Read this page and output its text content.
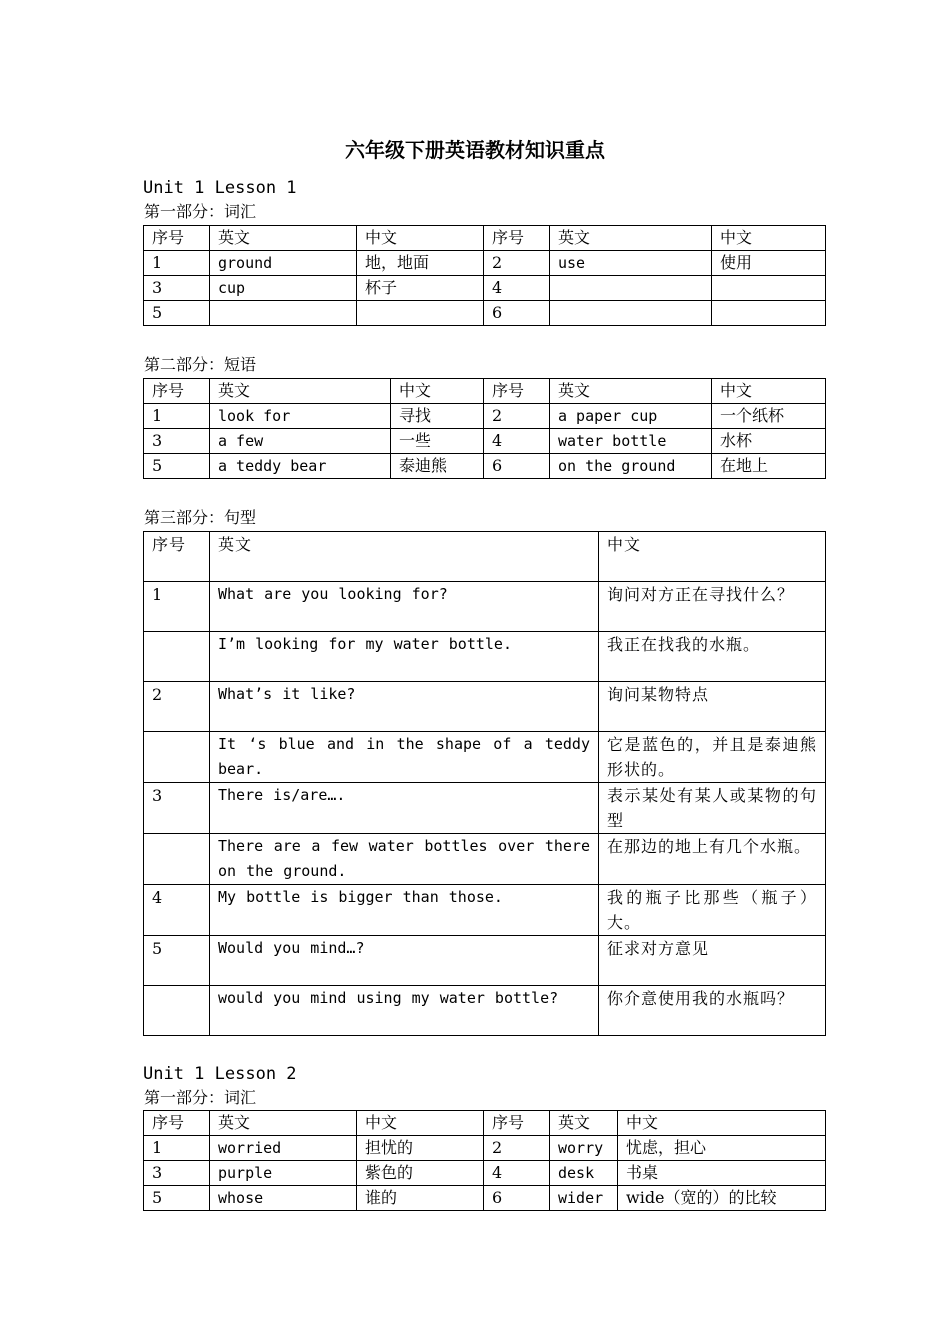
六年级下册英语教材知识重点
Unit 1 Lesson 1
第一部分：词汇
序号	英文	中文	序号	英文	中文
1	ground	地，地面	2	use	使用
3	cup	杯子	4		
5			6		
第二部分：短语
序号	英文	中文	序号	英文	中文
1	look for	寻找	2	a paper cup	一个纸杯
3	a few	一些	4	water bottle	水杯
5	a teddy bear	泰迪熊	6	on the ground	在地上
第三部分：句型
序号	英文	中文
1	What are you looking for?	询问对方正在寻找什么？
	I’m looking for my water bottle.	我正在找我的水瓶。
2	What’s it like?	询问某物特点
	It ‘s blue and in the shape of a teddy bear.	它是蓝色的，并且是泰迪熊形状的。
3	There is/are….	表示某处有某人或某物的句型
	There are a few water bottles over there on the ground.	在那边的地上有几个水瓶。
4	My bottle is bigger than those.	我的瓶子比那些（瓶子）大。
5	Would you mind…?	征求对方意见
	would you mind using my water bottle?	你介意使用我的水瓶吗？
Unit 1 Lesson 2
第一部分：词汇
序号	英文	中文	序号	英文	中文
1	worried	担忧的	2	worry	忧虑，担心
3	purple	紫色的	4	desk	书桌
5	whose	谁的	6	wider	wide（宽的）的比较
